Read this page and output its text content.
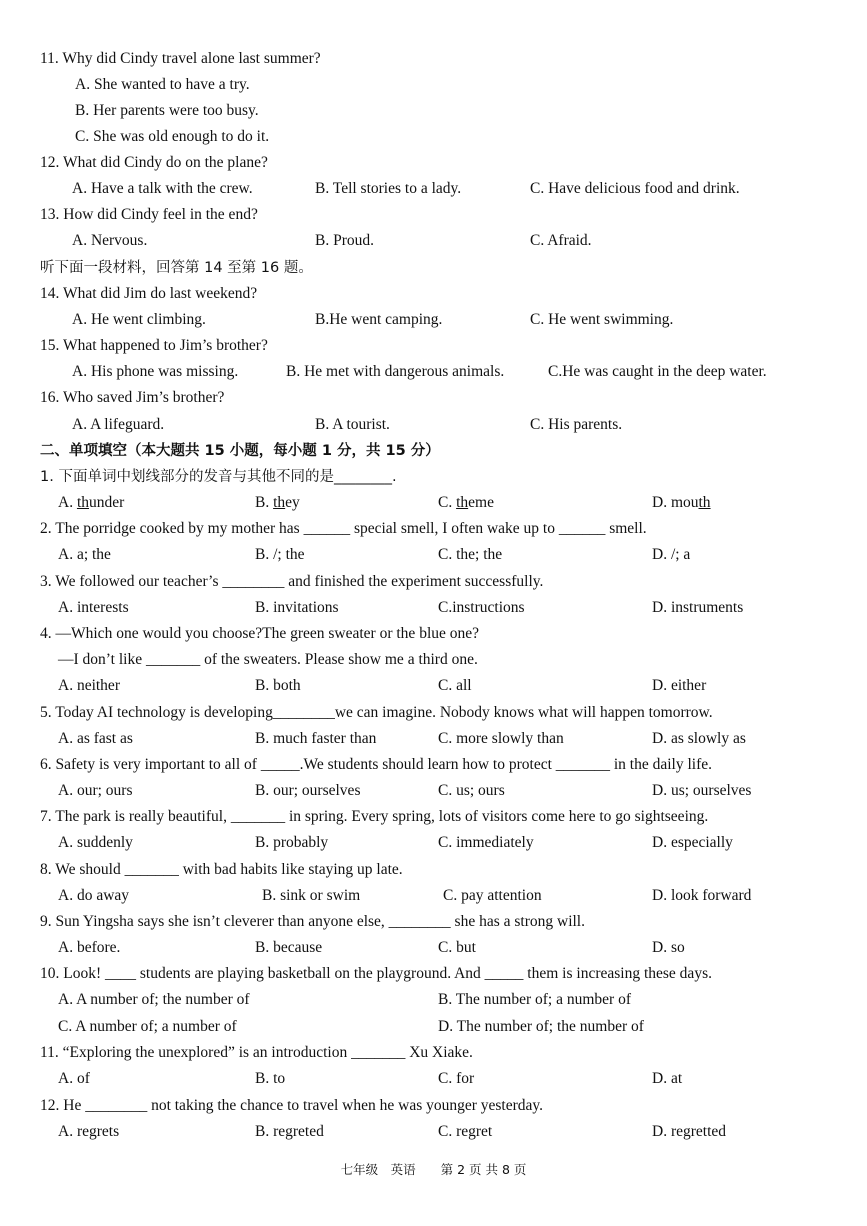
11. Why did Cindy travel alone last summer?
A. She wanted to have a try.
B. Her parents were too busy.
C. She was old enough to do it.
12. What did Cindy do on the plane?
A. Have a talk with the crew.	B. Tell stories to a lady.	C. Have delicious food and drink.
13. How did Cindy feel in the end?
A. Nervous.	B. Proud.	C. Afraid.
听下面一段材料，回答第 14 至第 16 题。
14. What did Jim do last weekend?
A. He went climbing.	B.He went camping.	C. He went swimming.
15. What happened to Jim’s brother?
A. His phone was missing.	B. He met with dangerous animals.	C.He was caught in the deep water.
16. Who saved Jim’s brother?
A. A lifeguard.	B. A tourist.	C. His parents.
二、单项填空（本大题共 15 小题，每小题 1 分，共 15 分）
1. 下面单词中划线部分的发音与其他不同的是________.
A. thunder	B. they	C. theme	D. mouth
2. The porridge cooked by my mother has ______ special smell, I often wake up to ______ smell.
A. a; the	B. /; the	C. the; the	D. /; a
3. We followed our teacher’s ________ and finished the experiment successfully.
A. interests	B. invitations	C.instructions	D. instruments
4. —Which one would you choose?The green sweater or the blue one?
—I don’t like _______ of the sweaters. Please show me a third one.
A. neither	B. both	C. all	D. either
5. Today AI technology is developing________we can imagine. Nobody knows what will happen tomorrow.
A. as fast as	B. much faster than	C. more slowly than	D. as slowly as
6. Safety is very important to all of _____.We students should learn how to protect _______ in the daily life.
A. our; ours	B. our; ourselves	C. us; ours	D. us; ourselves
7. The park is really beautiful, _______ in spring. Every spring, lots of visitors come here to go sightseeing.
A. suddenly	B. probably	C. immediately	D. especially
8. We should _______ with bad habits like staying up late.
A. do away	B. sink or swim	C. pay attention	D. look forward
9. Sun Yingsha says she isn’t cleverer than anyone else, ________ she has a strong will.
A. before.	B. because	C. but	D. so
10. Look! ____ students are playing basketball on the playground. And _____ them is increasing these days.
A. A number of; the number of	B. The number of; a number of
C. A number of; a number of	D. The number of; the number of
11. “Exploring the unexplored” is an introduction _______ Xu Xiake.
A. of	B. to	C. for	D. at
12. He ________ not taking the chance to travel when he was younger yesterday.
A. regrets	B. regreted	C. regret	D. regretted
七年级　英语　　第 2 页 共 8 页
